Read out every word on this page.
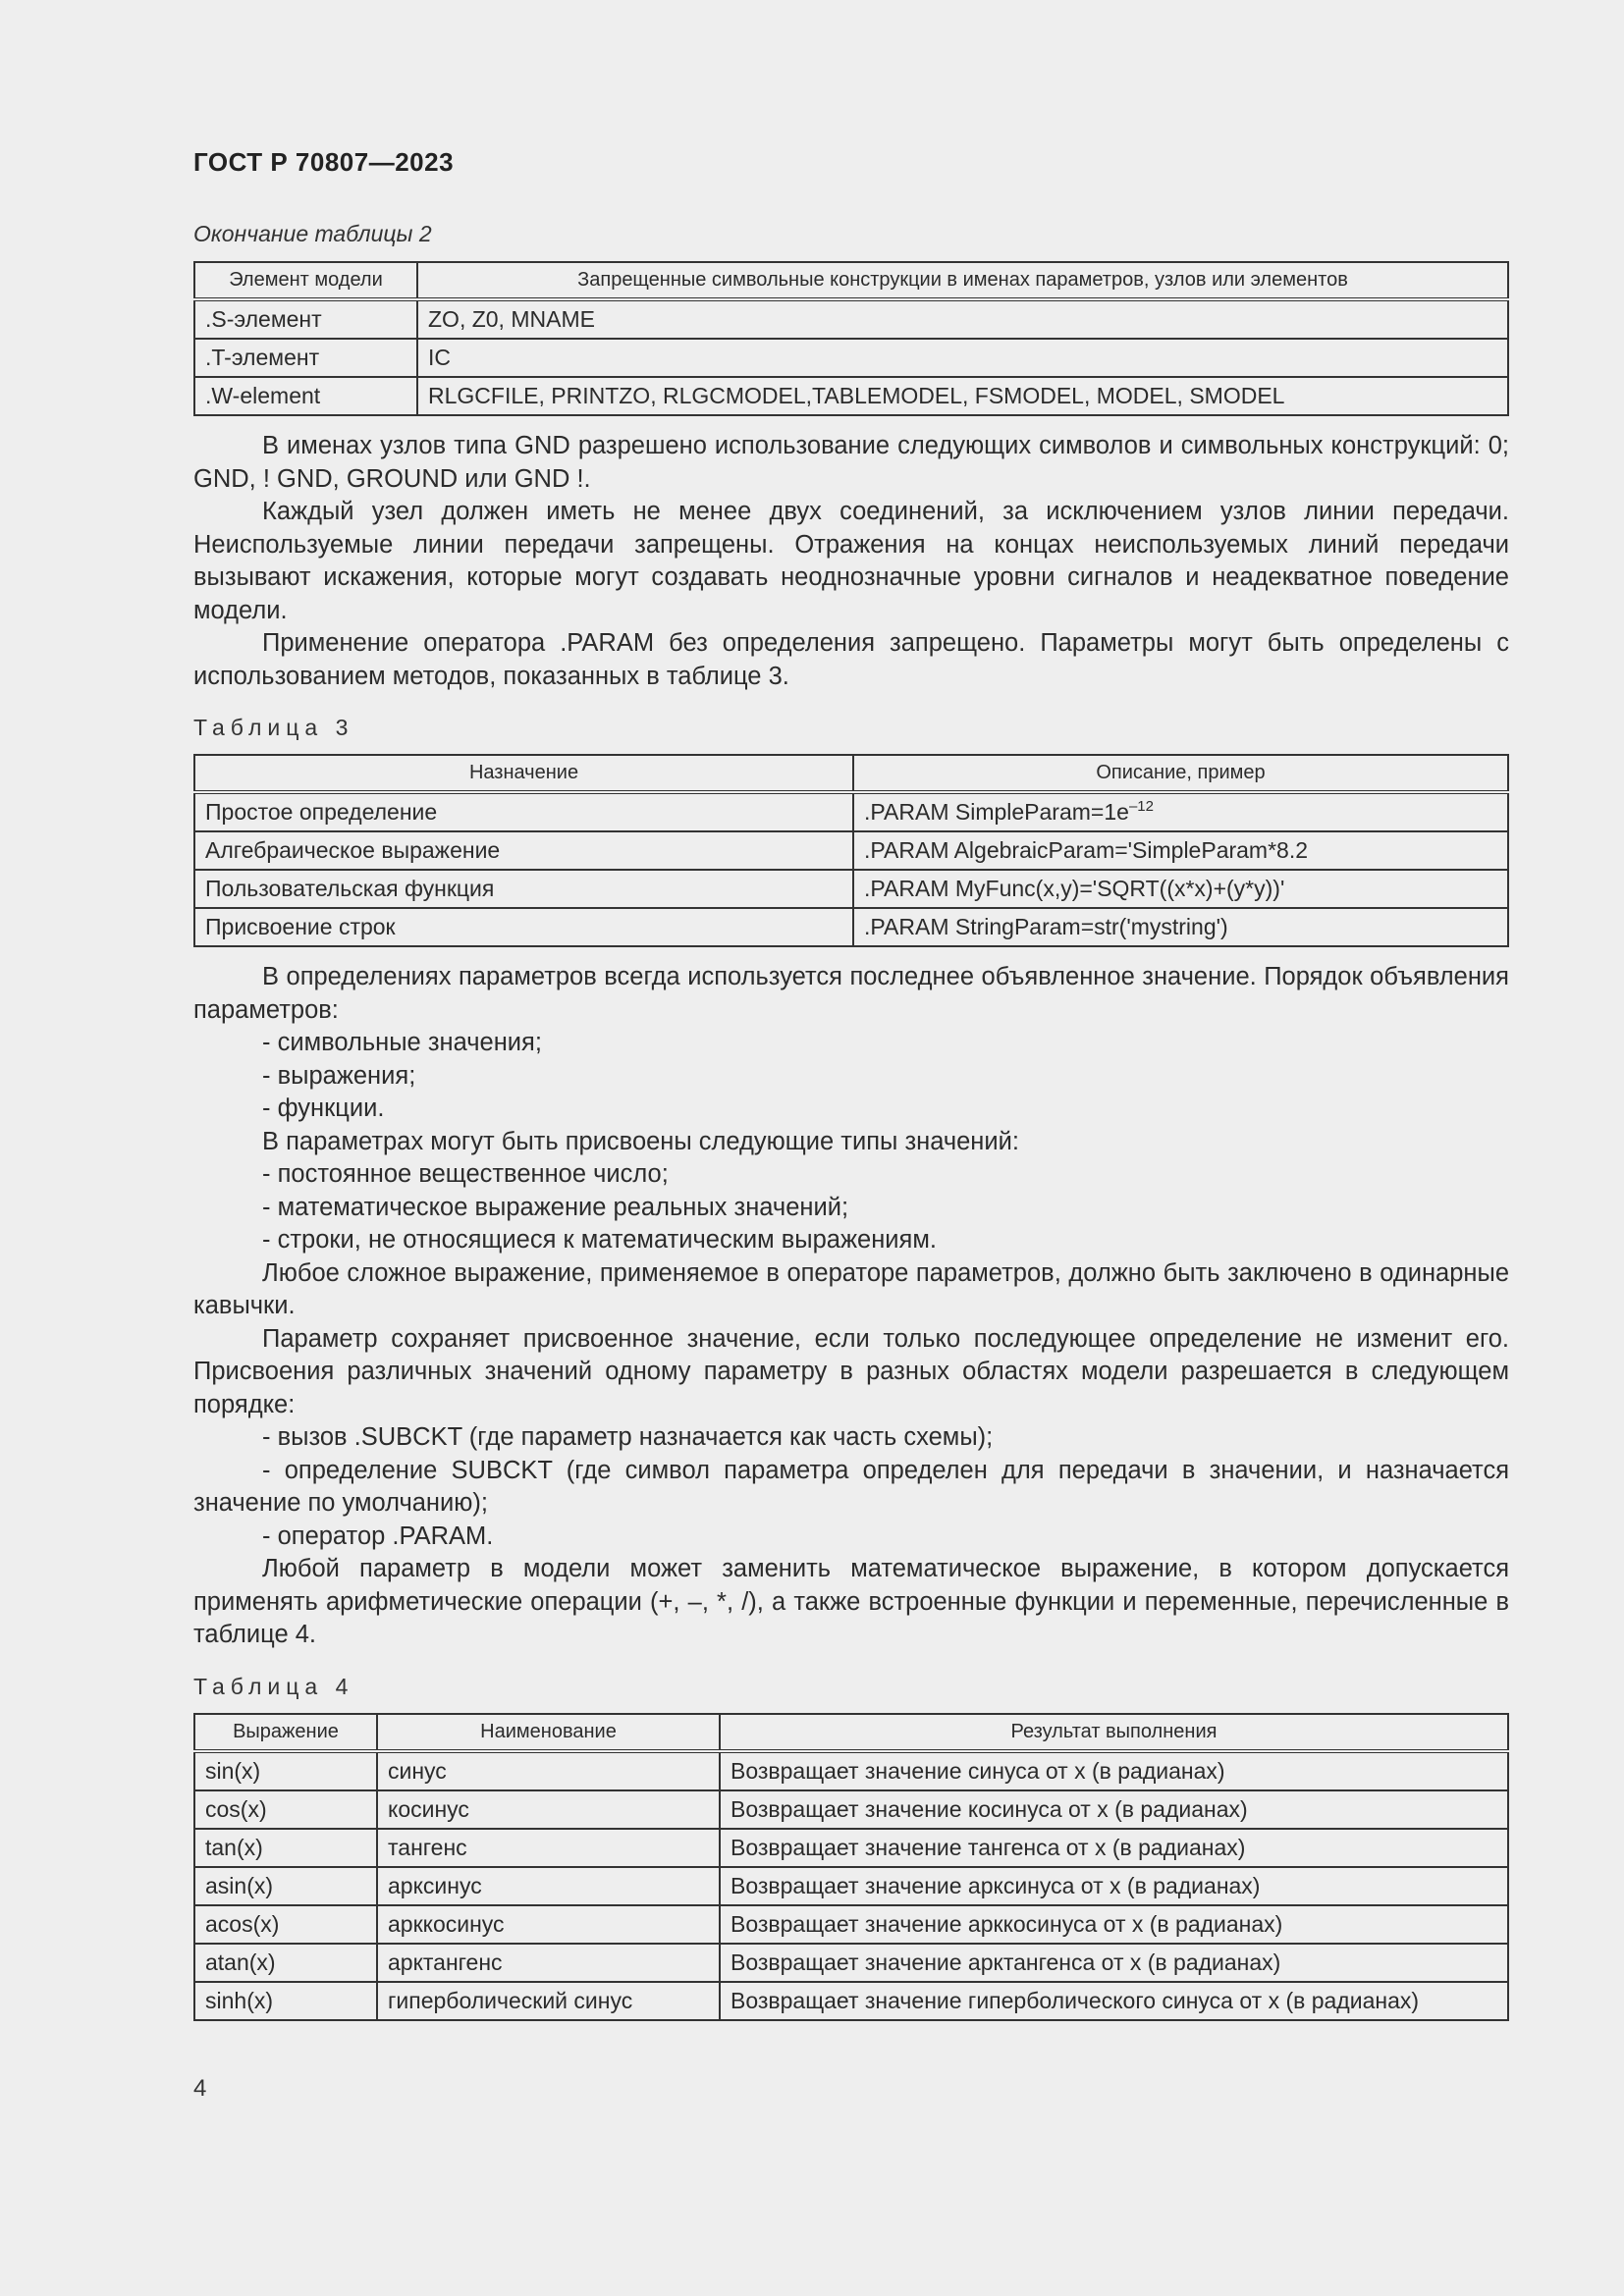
ГОСТ Р 70807—2023
Окончание таблицы 2
Элемент модели	Запрещенные символьные конструкции в именах параметров, узлов или элементов
.S-элемент	ZO, Z0, MNAME
.T-элемент	IC
.W-element	RLGCFILE, PRINTZO, RLGCMODEL,TABLEMODEL, FSMODEL, MODEL, SMODEL

В именах узлов типа GND разрешено использование следующих символов и символьных конструкций: 0; GND, ! GND, GROUND или GND !.

Каждый узел должен иметь не менее двух соединений, за исключением узлов линии передачи. Неиспользуемые линии передачи запрещены. Отражения на концах неиспользуемых линий передачи вызывают искажения, которые могут создавать неоднозначные уровни сигналов и неадекватное поведение модели.

Применение оператора .PARAM без определения запрещено. Параметры могут быть определены с использованием методов, показанных в таблице 3.

Таблица 3
Назначение	Описание, пример
Простое определение	.PARAM $SimpleParam=1e^{-12}$
Алгебраическое выражение	.PARAM AlgebraicParam='SimpleParam*8.2
Пользовательская функция	.PARAM MyFunc(x,y)='SQRT((x*x)+(y*y))'
Присвоение строк	.PARAM StringParam=str('mystring')

В определениях параметров всегда используется последнее объявленное значение. Порядок объявления параметров:

- символьные значения;

- выражения;

- функции.

В параметрах могут быть присвоены следующие типы значений:

- постоянное вещественное число;

- математическое выражение реальных значений;

- строки, не относящиеся к математическим выражениям.

Любое сложное выражение, применяемое в операторе параметров, должно быть заключено в одинарные кавычки.

Параметр сохраняет присвоенное значение, если только последующее определение не изменит его. Присвоения различных значений одному параметру в разных областях модели разрешается в следующем порядке:

- вызов .SUBCKT (где параметр назначается как часть схемы);

- определение SUBCKT (где символ параметра определен для передачи в значении, и назначается значение по умолчанию);

- оператор .PARAM.

Любой параметр в модели может заменить математическое выражение, в котором допускается применять арифметические операции (+, –, *, /), а также встроенные функции и переменные, перечисленные в таблице 4.

Таблица 4
Выражение	Наименование	Результат выполнения
sin(x)	синус	Возвращает значение синуса от x (в радианах)
cos(x)	косинус	Возвращает значение косинуса от x (в радианах)
tan(x)	тангенс	Возвращает значение тангенса от x (в радианах)
asin(x)	арксинус	Возвращает значение арксинуса от x (в радианах)
acos(x)	арккосинус	Возвращает значение арккосинуса от x (в радианах)
atan(x)	арктангенс	Возвращает значение арктангенса от x (в радианах)
sinh(x)	гиперболический синус	Возвращает значение гиперболического синуса от x (в радианах)
4
